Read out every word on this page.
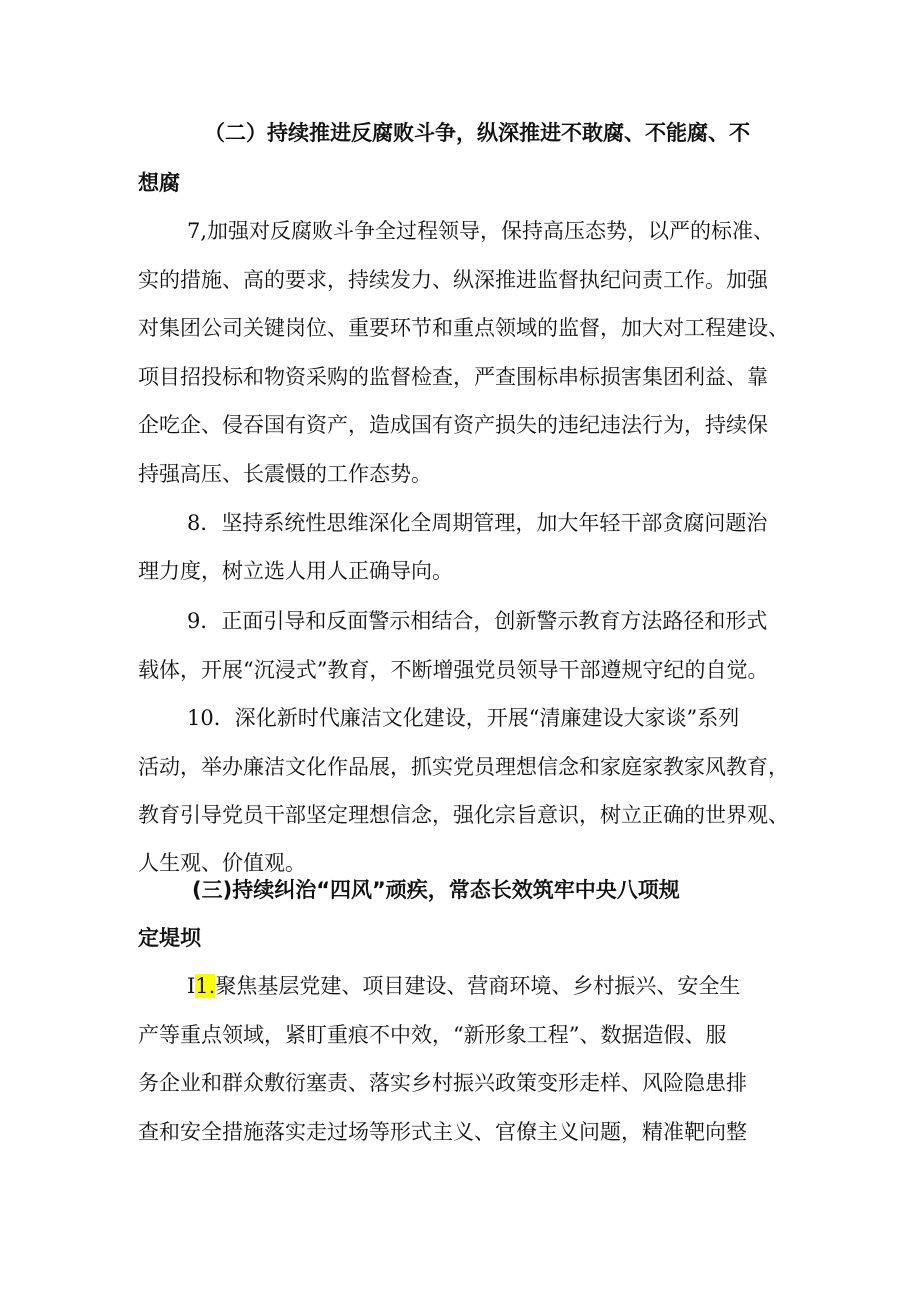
（二）持续推进反腐败斗争，纵深推进不敢腐、不能腐、不
想腐
7,加强对反腐败斗争全过程领导，保持高压态势，以严的标准、
实的措施、高的要求，持续发力、纵深推进监督执纪问责工作。加强
对集团公司关键岗位、重要环节和重点领域的监督，加大对工程建设、
项目招投标和物资采购的监督检查，严查围标串标损害集团利益、靠
企吃企、侵吞国有资产，造成国有资产损失的违纪违法行为，持续保
持强高压、长震慑的工作态势。
8．坚持系统性思维深化全周期管理，加大年轻干部贪腐问题治
理力度，树立选人用人正确导向。
9．正面引导和反面警示相结合，创新警示教育方法路径和形式
载体，开展“沉浸式”教育，不断增强党员领导干部遵规守纪的自觉。
10．深化新时代廉洁文化建设，开展“清廉建设大家谈”系列
活动，举办廉洁文化作品展，抓实党员理想信念和家庭家教家风教育，
教育引导党员干部坚定理想信念，强化宗旨意识，树立正确的世界观、
人生观、价值观。
(三)持续纠治“四风”顽疾，常态长效筑牢中央八项规
定堤坝
I1.聚焦基层党建、项目建设、营商环境、乡村振兴、安全生
产等重点领域，紧盯重痕不中效，“新形象工程”、数据造假、服
务企业和群众敷衍塞责、落实乡村振兴政策变形走样、风险隐患排
查和安全措施落实走过场等形式主义、官僚主义问题，精准靶向整
